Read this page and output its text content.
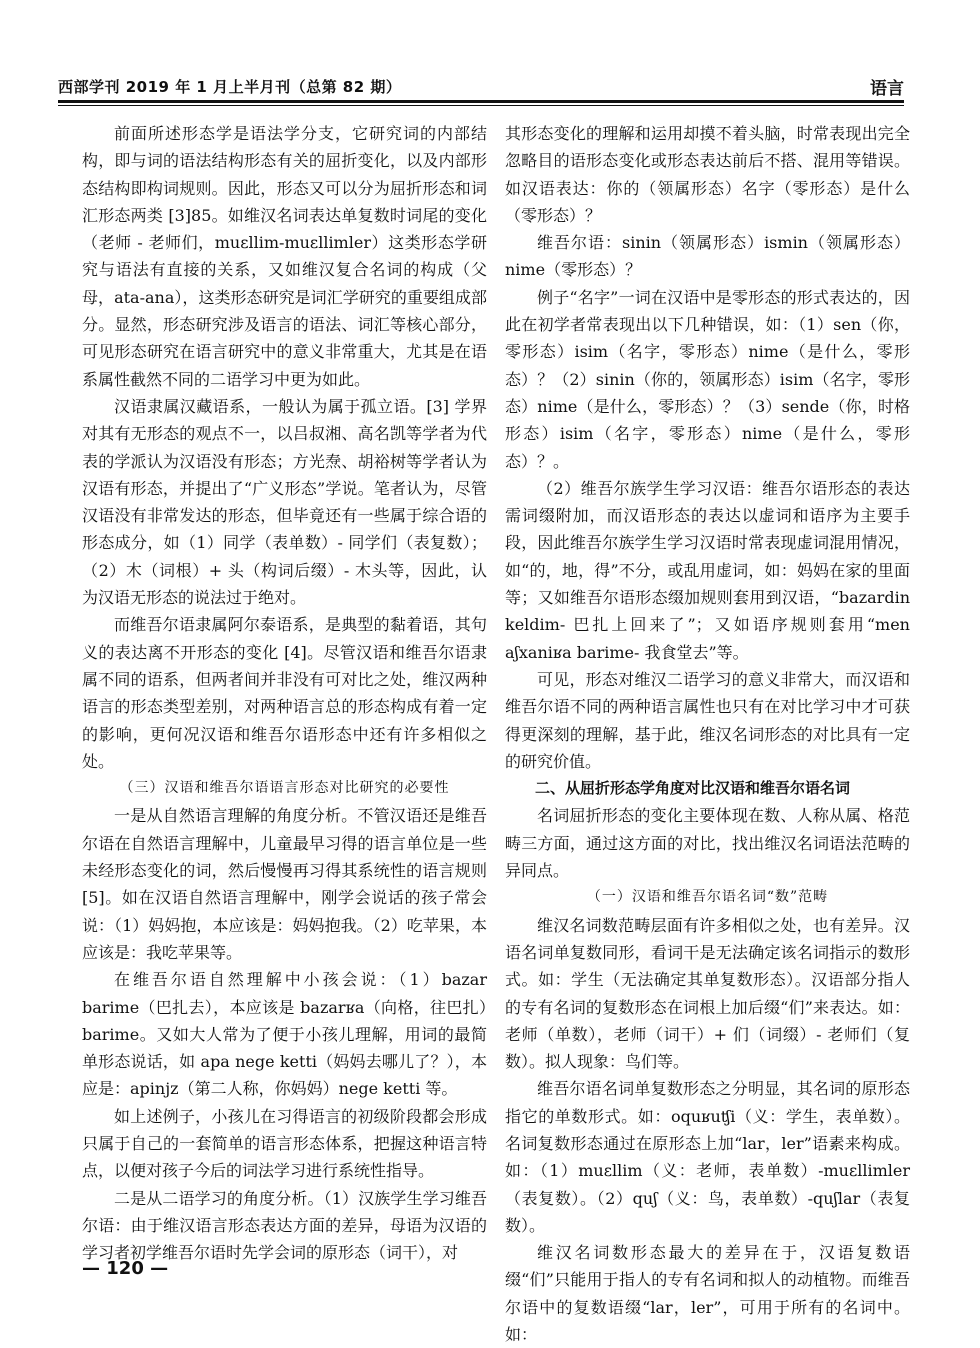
西部学刊 2019 年 1 月上半月刊（总第 82 期）	语言

前面所述形态学是语法学分支，它研究词的内部结构，即与词的语法结构形态有关的屈折变化，以及内部形态结构即构词规则。因此，形态又可以分为屈折形态和词汇形态两类 [3]85。如维汉名词表达单复数时词尾的变化（老师 - 老师们，muεllim-muεllimler）这类形态学研究与语法有直接的关系，又如维汉复合名词的构成（父母，ata-ana），这类形态研究是词汇学研究的重要组成部分。显然，形态研究涉及语言的语法、词汇等核心部分，可见形态研究在语言研究中的意义非常重大，尤其是在语系属性截然不同的二语学习中更为如此。

汉语隶属汉藏语系，一般认为属于孤立语。[3] 学界对其有无形态的观点不一，以吕叔湘、高名凯等学者为代表的学派认为汉语没有形态；方光焘、胡裕树等学者认为汉语有形态，并提出了“广义形态”学说。笔者认为，尽管汉语没有非常发达的形态，但毕竟还有一些属于综合语的形态成分，如（1）同学（表单数）- 同学们（表复数）；（2）木（词根）+ 头（构词后缀）- 木头等，因此，认为汉语无形态的说法过于绝对。

而维吾尔语隶属阿尔泰语系，是典型的黏着语，其句义的表达离不开形态的变化 [4]。尽管汉语和维吾尔语隶属不同的语系，但两者间并非没有可对比之处，维汉两种语言的形态类型差别，对两种语言总的形态构成有着一定的影响，更何况汉语和维吾尔语形态中还有许多相似之处。

（三）汉语和维吾尔语语言形态对比研究的必要性

一是从自然语言理解的角度分析。不管汉语还是维吾尔语在自然语言理解中，儿童最早习得的语言单位是一些未经形态变化的词，然后慢慢再习得其系统性的语言规则 [5]。如在汉语自然语言理解中，刚学会说话的孩子常会说：（1）妈妈抱，本应该是：妈妈抱我。（2）吃苹果，本应该是：我吃苹果等。

在维吾尔语自然理解中小孩会说：（1）bazar barime（巴扎去），本应该是 bazarʁa（向格，往巴扎）barime。又如大人常为了便于小孩儿理解，用词的最简单形态说话，如 apa nege ketti（妈妈去哪儿了？），本应是：apinjz（第二人称，你妈妈）nege ketti 等。

如上述例子，小孩儿在习得语言的初级阶段都会形成只属于自己的一套简单的语言形态体系，把握这种语言特点，以便对孩子今后的词法学习进行系统性指导。

二是从二语学习的角度分析。（1）汉族学生学习维吾尔语：由于维汉语言形态表达方面的差异，母语为汉语的学习者初学维吾尔语时先学会词的原形态（词干），对

其形态变化的理解和运用却摸不着头脑，时常表现出完全忽略目的语形态变化或形态表达前后不搭、混用等错误。如汉语表达：你的（领属形态）名字（零形态）是什么（零形态）？

维吾尔语：sinin（领属形态）ismin（领属形态）nime（零形态）？

例子“名字”一词在汉语中是零形态的形式表达的，因此在初学者常表现出以下几种错误，如：（1）sen（你，零形态）isim（名字，零形态）nime（是什么，零形态）？（2）sinin（你的，领属形态）isim（名字，零形态）nime（是什么，零形态）？（3）sende（你，时格形态）isim（名字，零形态）nime（是什么，零形态）？。

（2）维吾尔族学生学习汉语：维吾尔语形态的表达需词缀附加，而汉语形态的表达以虚词和语序为主要手段，因此维吾尔族学生学习汉语时常表现虚词混用情况，如“的，地，得”不分，或乱用虚词，如：妈妈在家的里面等；又如维吾尔语形态缀加规则套用到汉语，“bazardin keldim- 巴扎上回来了”；又如语序规则套用“men aʃxaniʁa barime- 我食堂去”等。

可见，形态对维汉二语学习的意义非常大，而汉语和维吾尔语不同的两种语言属性也只有在对比学习中才可获得更深刻的理解，基于此，维汉名词形态的对比具有一定的研究价值。

二、从屈折形态学角度对比汉语和维吾尔语名词

名词屈折形态的变化主要体现在数、人称从属、格范畴三方面，通过这方面的对比，找出维汉名词语法范畴的异同点。

（一）汉语和维吾尔语名词“数”范畴

维汉名词数范畴层面有许多相似之处，也有差异。汉语名词单复数同形，看词干是无法确定该名词指示的数形式。如：学生（无法确定其单复数形态）。汉语部分指人的专有名词的复数形态在词根上加后缀“们”来表达。如：老师（单数），老师（词干）+ 们（词缀）- 老师们（复数）。拟人现象：鸟们等。

维吾尔语名词单复数形态之分明显，其名词的原形态指它的单数形式。如：oquʁuʧi（义：学生，表单数）。名词复数形态通过在原形态上加“lar，ler”语素来构成。如：（1）muεllim（义：老师，表单数）-muεllimler（表复数）。（2）quʃ（义：鸟，表单数）-quʃlar（表复数）。

维汉名词数形态最大的差异在于，汉语复数语缀“们”只能用于指人的专有名词和拟人的动植物。而维吾尔语中的复数语缀“lar，ler”，可用于所有的名词中。如：

— 120 —
